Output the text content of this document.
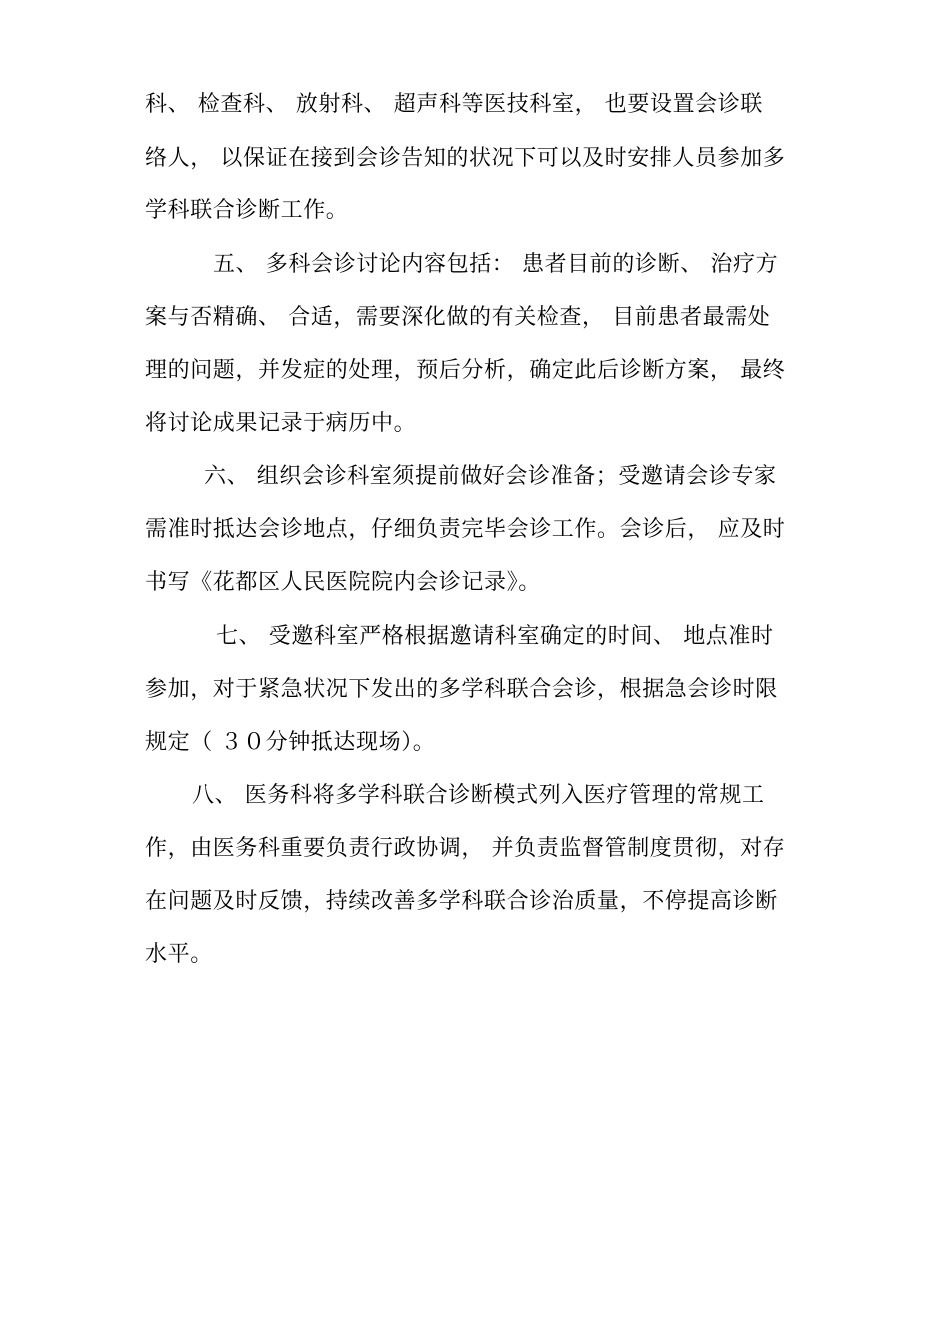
科、 检查科、 放射科、 超声科等医技科室， 也要设置会诊联
络人， 以保证在接到会诊告知的状况下可以及时安排人员参加多
学科联合诊断工作。
五、 多科会诊讨论内容包括： 患者目前的诊断、 治疗方
案与否精确、 合适，需要深化做的有关检查， 目前患者最需处
理的问题，并发症的处理，预后分析，确定此后诊断方案， 最终
将讨论成果记录于病历中。
六、 组织会诊科室须提前做好会诊准备；受邀请会诊专家
需准时抵达会诊地点，仔细负责完毕会诊工作。会诊后， 应及时
书写《花都区人民医院院内会诊记录》。
七、 受邀科室严格根据邀请科室确定的时间、 地点准时
参加，对于紧急状况下发出的多学科联合会诊，根据急会诊时限
规定（ ３０分钟抵达现场）。
八、 医务科将多学科联合诊断模式列入医疗管理的常规工
作，由医务科重要负责行政协调， 并负责监督管制度贯彻，对存
在问题及时反馈，持续改善多学科联合诊治质量，不停提高诊断
水平。
